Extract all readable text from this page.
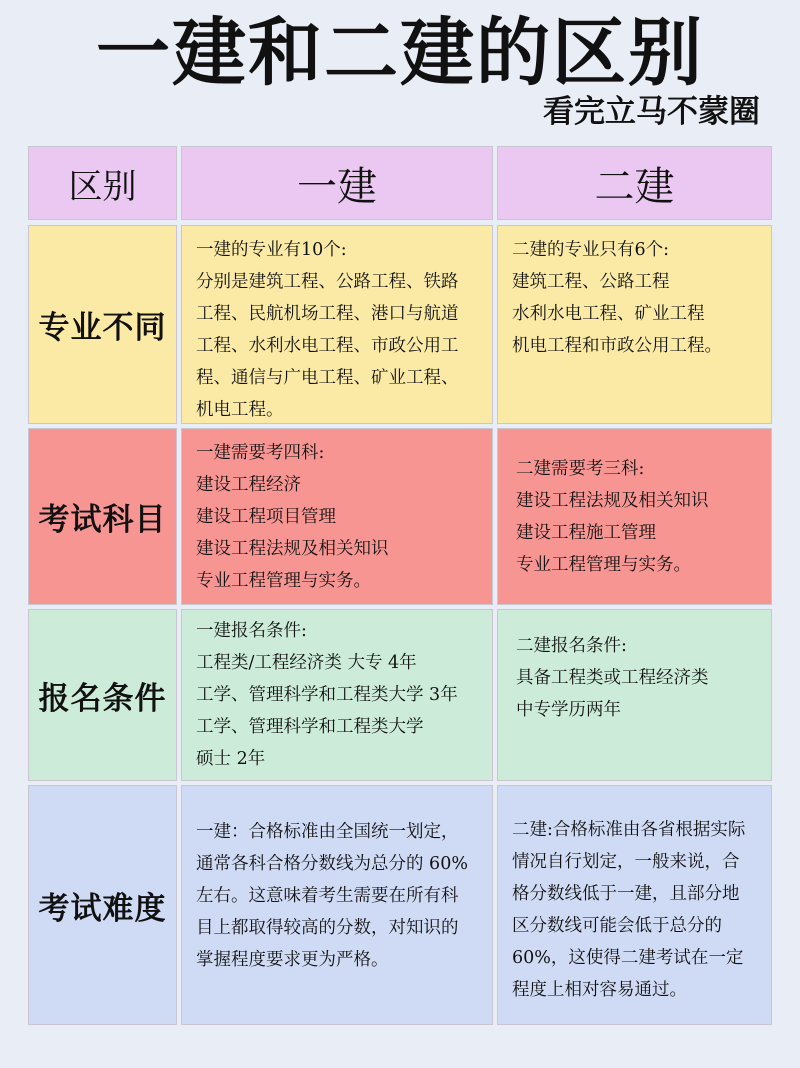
一建和二建的区别
看完立马不蒙圈
区别	一建	二建
专业不同

一建的专业有10个:

分别是建筑工程、公路工程、铁路

工程、民航机场工程、港口与航道

工程、水利水电工程、市政公用工

程、通信与广电工程、矿业工程、

机电工程。

二建的专业只有6个:

建筑工程、公路工程

水利水电工程、矿业工程

机电工程和市政公用工程。

考试科目

一建需要考四科:

建设工程经济

建设工程项目管理

建设工程法规及相关知识

专业工程管理与实务。

二建需要考三科:

建设工程法规及相关知识

建设工程施工管理

专业工程管理与实务。

报名条件

一建报名条件:

工程类/工程经济类 大专 4年

工学、管理科学和工程类大学 3年

工学、管理科学和工程类大学

硕士 2年

二建报名条件:

具备工程类或工程经济类

中专学历两年

考试难度

一建：合格标准由全国统一划定，

通常各科合格分数线为总分的 60%

左右。这意味着考生需要在所有科

目上都取得较高的分数，对知识的

掌握程度要求更为严格。

二建:合格标准由各省根据实际

情况自行划定，一般来说，合

格分数线低于一建，且部分地

区分数线可能会低于总分的

60%，这使得二建考试在一定

程度上相对容易通过。
